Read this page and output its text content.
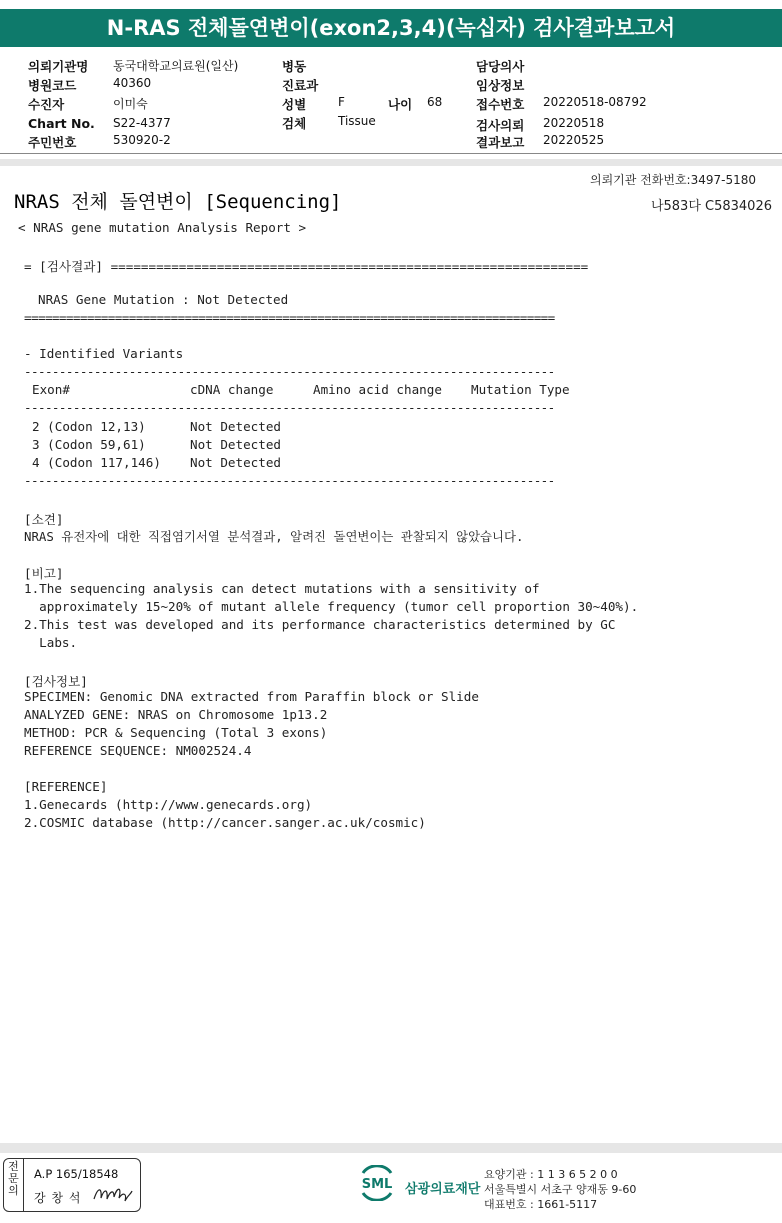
N-RAS 전체돌연변이(exon2,3,4)(녹십자) 검사결과보고서
의뢰기관명 동국대학교의료원(일산)
병원코드	40360
수진자	이미숙
Chart No. S22-4377
주민번호	530920-2
병동
진료과
성별	F	나이 68
검체	Tissue
담당의사
임상정보
접수번호 20220518-08792
검사의뢰 20220518
결과보고 20220525
의뢰기관 전화번호:3497-5180
NRAS 전체 돌연변이 [Sequencing]	나583다 C5834026
< NRAS gene mutation Analysis Report >
= [검사결과] ===============================================================
NRAS Gene Mutation : Not Detected
============================================================================
- Identified Variants
----------------------------------------------------------------------------
Exon#	cDNA change	Amino acid change Mutation Type
----------------------------------------------------------------------------
2 (Codon 12,13)	Not Detected
3 (Codon 59,61)	Not Detected
4 (Codon 117,146) Not Detected
----------------------------------------------------------------------------
[소견]
NRAS 유전자에 대한 직접염기서열 분석결과, 알려진 돌연변이는 관찰되지 않았습니다.
[비고]
1.The sequencing analysis can detect mutations with a sensitivity of
approximately 15~20% of mutant allele frequency (tumor cell proportion 30~40%).
2.This test was developed and its performance characteristics determined by GC
Labs.
[검사정보]
SPECIMEN: Genomic DNA extracted from Paraffin block or Slide
ANALYZED GENE: NRAS on Chromosome 1p13.2
METHOD: PCR & Sequencing (Total 3 exons)
REFERENCE SEQUENCE: NM002524.4
[REFERENCE]
1.Genecards (http://www.genecards.org)
2.COSMIC database (http://cancer.sanger.ac.uk/cosmic)
전
문
의
A.P 165/18548
강 창 석
SML 삼광의료재단
요양기관 : 1 1 3 6 5 2 0 0
서울특별시 서초구 양재동 9-60
대표번호 : 1661-5117
